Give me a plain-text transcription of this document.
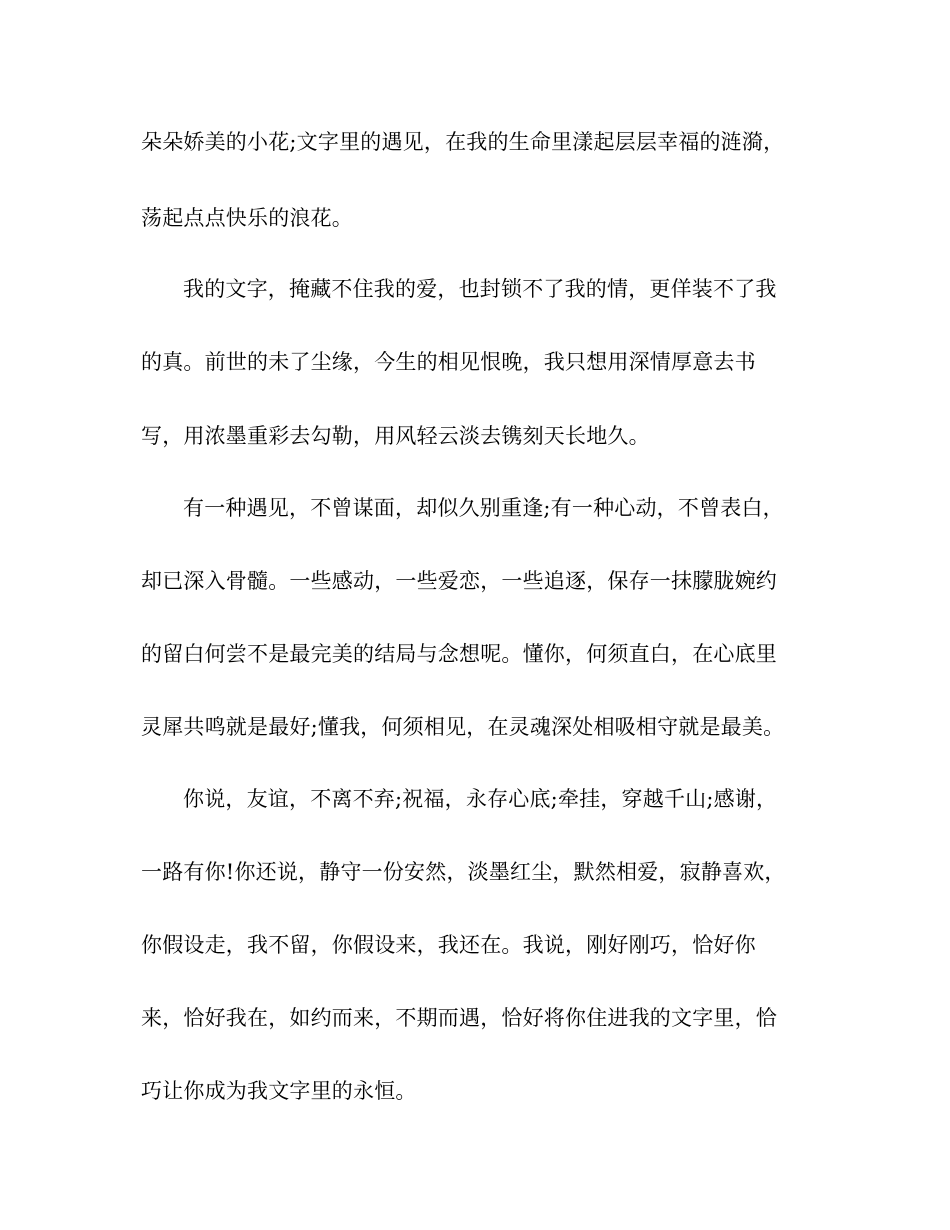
朵朵娇美的小花;文字里的遇见，在我的生命里漾起层层幸福的涟漪，
荡起点点快乐的浪花。
我的文字，掩藏不住我的爱，也封锁不了我的情，更佯装不了我
的真。前世的未了尘缘，今生的相见恨晚，我只想用深情厚意去书
写，用浓墨重彩去勾勒，用风轻云淡去镌刻天长地久。
有一种遇见，不曾谋面，却似久别重逢;有一种心动，不曾表白，
却已深入骨髓。一些感动，一些爱恋，一些追逐，保存一抹朦胧婉约
的留白何尝不是最完美的结局与念想呢。懂你，何须直白，在心底里
灵犀共鸣就是最好;懂我，何须相见，在灵魂深处相吸相守就是最美。
你说，友谊，不离不弃;祝福，永存心底;牵挂，穿越千山;感谢，
一路有你!你还说，静守一份安然，淡墨红尘，默然相爱，寂静喜欢，
你假设走，我不留，你假设来，我还在。我说，刚好刚巧，恰好你
来，恰好我在，如约而来，不期而遇，恰好将你住进我的文字里，恰
巧让你成为我文字里的永恒。
